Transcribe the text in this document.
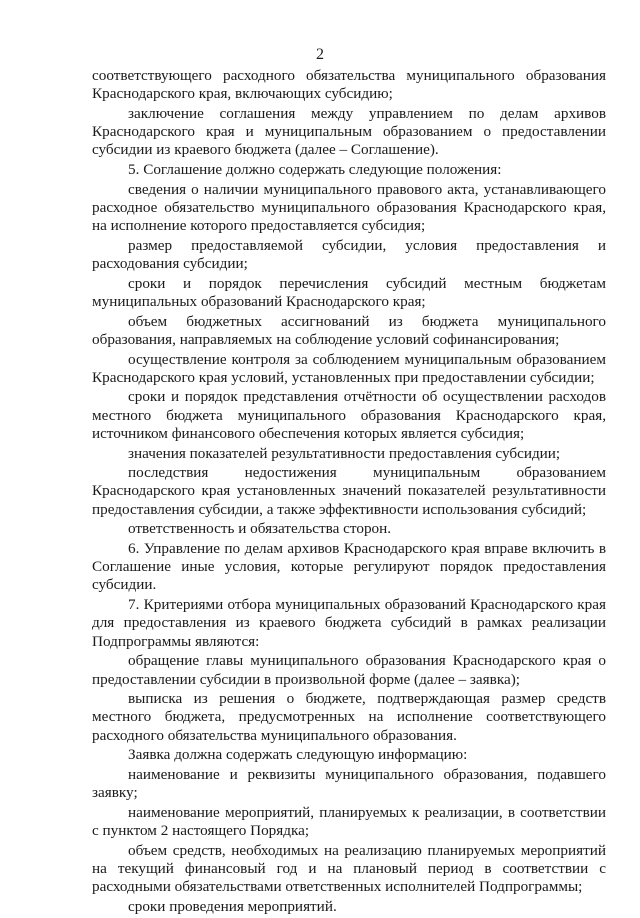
2

соответствующего расходного обязательства муниципального образования Краснодарского края, включающих субсидию;

заключение соглашения между управлением по делам архивов Краснодарского края и муниципальным образованием о предоставлении субсидии из краевого бюджета (далее – Соглашение).

5. Соглашение должно содержать следующие положения:

сведения о наличии муниципального правового акта, устанавливающего расходное обязательство муниципального образования Краснодарского края, на исполнение которого предоставляется субсидия;

размер предоставляемой субсидии, условия предоставления и расходования субсидии;

сроки и порядок перечисления субсидий местным бюджетам муниципальных образований Краснодарского края;

объем бюджетных ассигнований из бюджета муниципального образования, направляемых на соблюдение условий софинансирования;

осуществление контроля за соблюдением муниципальным образованием Краснодарского края условий, установленных при предоставлении субсидии;

сроки и порядок представления отчётности об осуществлении расходов местного бюджета муниципального образования Краснодарского края, источником финансового обеспечения которых является субсидия;

значения показателей результативности предоставления субсидии;

последствия недостижения муниципальным образованием Краснодарского края установленных значений показателей результативности предоставления субсидии, а также эффективности использования субсидий;

ответственность и обязательства сторон.

6. Управление по делам архивов Краснодарского края вправе включить в Соглашение иные условия, которые регулируют порядок предоставления субсидии.

7. Критериями отбора муниципальных образований Краснодарского края для предоставления из краевого бюджета субсидий в рамках реализации Подпрограммы являются:

обращение главы муниципального образования Краснодарского края о предоставлении субсидии в произвольной форме (далее – заявка);

выписка из решения о бюджете, подтверждающая размер средств местного бюджета, предусмотренных на исполнение соответствующего расходного обязательства муниципального образования.

Заявка должна содержать следующую информацию:

наименование и реквизиты муниципального образования, подавшего заявку;

наименование мероприятий, планируемых к реализации, в соответствии с пунктом 2 настоящего Порядка;

объем средств, необходимых на реализацию планируемых мероприятий на текущий финансовый год и на плановый период в соответствии с расходными обязательствами ответственных исполнителей Подпрограммы;

сроки проведения мероприятий.
